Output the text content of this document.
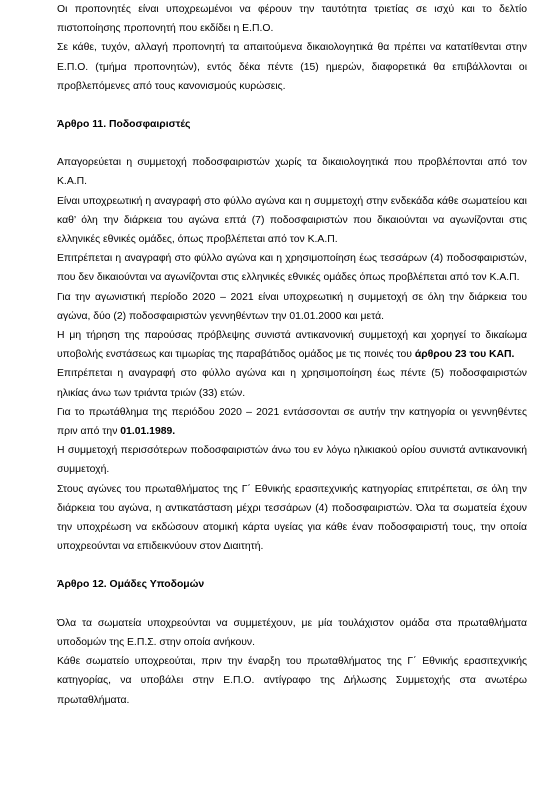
Οι προπονητές είναι υποχρεωμένοι να φέρουν την ταυτότητα τριετίας σε ισχύ και το δελτίο πιστοποίησης προπονητή που εκδίδει η Ε.Π.Ο.

Σε κάθε, τυχόν, αλλαγή προπονητή τα απαιτούμενα δικαιολογητικά θα πρέπει να κατατίθενται στην Ε.Π.Ο. (τμήμα προπονητών), εντός δέκα πέντε (15) ημερών, διαφορετικά θα επιβάλλονται οι προβλεπόμενες από τους κανονισμούς κυρώσεις.

Άρθρο 11. Ποδοσφαιριστές

Απαγορεύεται η συμμετοχή ποδοσφαιριστών χωρίς τα δικαιολογητικά που προβλέπονται από τον Κ.Α.Π.

Είναι υποχρεωτική η αναγραφή στο φύλλο αγώνα και η συμμετοχή στην ενδεκάδα κάθε σωματείου και καθ’ όλη την διάρκεια του αγώνα επτά (7) ποδοσφαιριστών που δικαιούνται να αγωνίζονται στις ελληνικές εθνικές ομάδες, όπως προβλέπεται από τον Κ.Α.Π.

Επιτρέπεται η αναγραφή στο φύλλο αγώνα και η χρησιμοποίηση έως τεσσάρων (4) ποδοσφαιριστών, που δεν δικαιούνται να αγωνίζονται στις ελληνικές εθνικές ομάδες όπως προβλέπεται από τον Κ.Α.Π.

Για την αγωνιστική περίοδο 2020 – 2021 είναι υποχρεωτική η συμμετοχή σε όλη την διάρκεια του αγώνα, δύο (2) ποδοσφαιριστών γεννηθέντων την 01.01.2000 και μετά.

Η μη τήρηση της παρούσας πρόβλεψης συνιστά αντικανονική συμμετοχή και χορηγεί το δικαίωμα υποβολής ενστάσεως και τιμωρίας της παραβάτιδος ομάδος με τις ποινές του άρθρου 23 του ΚΑΠ.

Επιτρέπεται η αναγραφή στο φύλλο αγώνα και η χρησιμοποίηση έως πέντε (5) ποδοσφαιριστών ηλικίας άνω των τριάντα τριών (33) ετών.

Για το πρωτάθλημα της περιόδου 2020 – 2021 εντάσσονται σε αυτήν την κατηγορία οι γεννηθέντες πριν από την 01.01.1989.

Η συμμετοχή περισσότερων ποδοσφαιριστών άνω του εν λόγω ηλικιακού ορίου συνιστά αντικανονική συμμετοχή.

Στους αγώνες του πρωταθλήματος της Γ΄ Εθνικής ερασιτεχνικής κατηγορίας επιτρέπεται, σε όλη την διάρκεια του αγώνα, η αντικατάσταση μέχρι τεσσάρων (4) ποδοσφαιριστών. Όλα τα σωματεία έχουν την υποχρέωση να εκδώσουν ατομική κάρτα υγείας για κάθε έναν ποδοσφαιριστή τους, την οποία υποχρεούνται να επιδεικνύουν στον Διαιτητή.

Άρθρο 12. Ομάδες Υποδομών

Όλα τα σωματεία υποχρεούνται να συμμετέχουν, με μία τουλάχιστον ομάδα στα πρωταθλήματα υποδομών της Ε.Π.Σ. στην οποία ανήκουν.

Κάθε σωματείο υποχρεούται, πριν την έναρξη του πρωταθλήματος της Γ΄ Εθνικής ερασιτεχνικής κατηγορίας, να υποβάλει στην Ε.Π.Ο. αντίγραφο της Δήλωσης Συμμετοχής στα ανωτέρω πρωταθλήματα.
